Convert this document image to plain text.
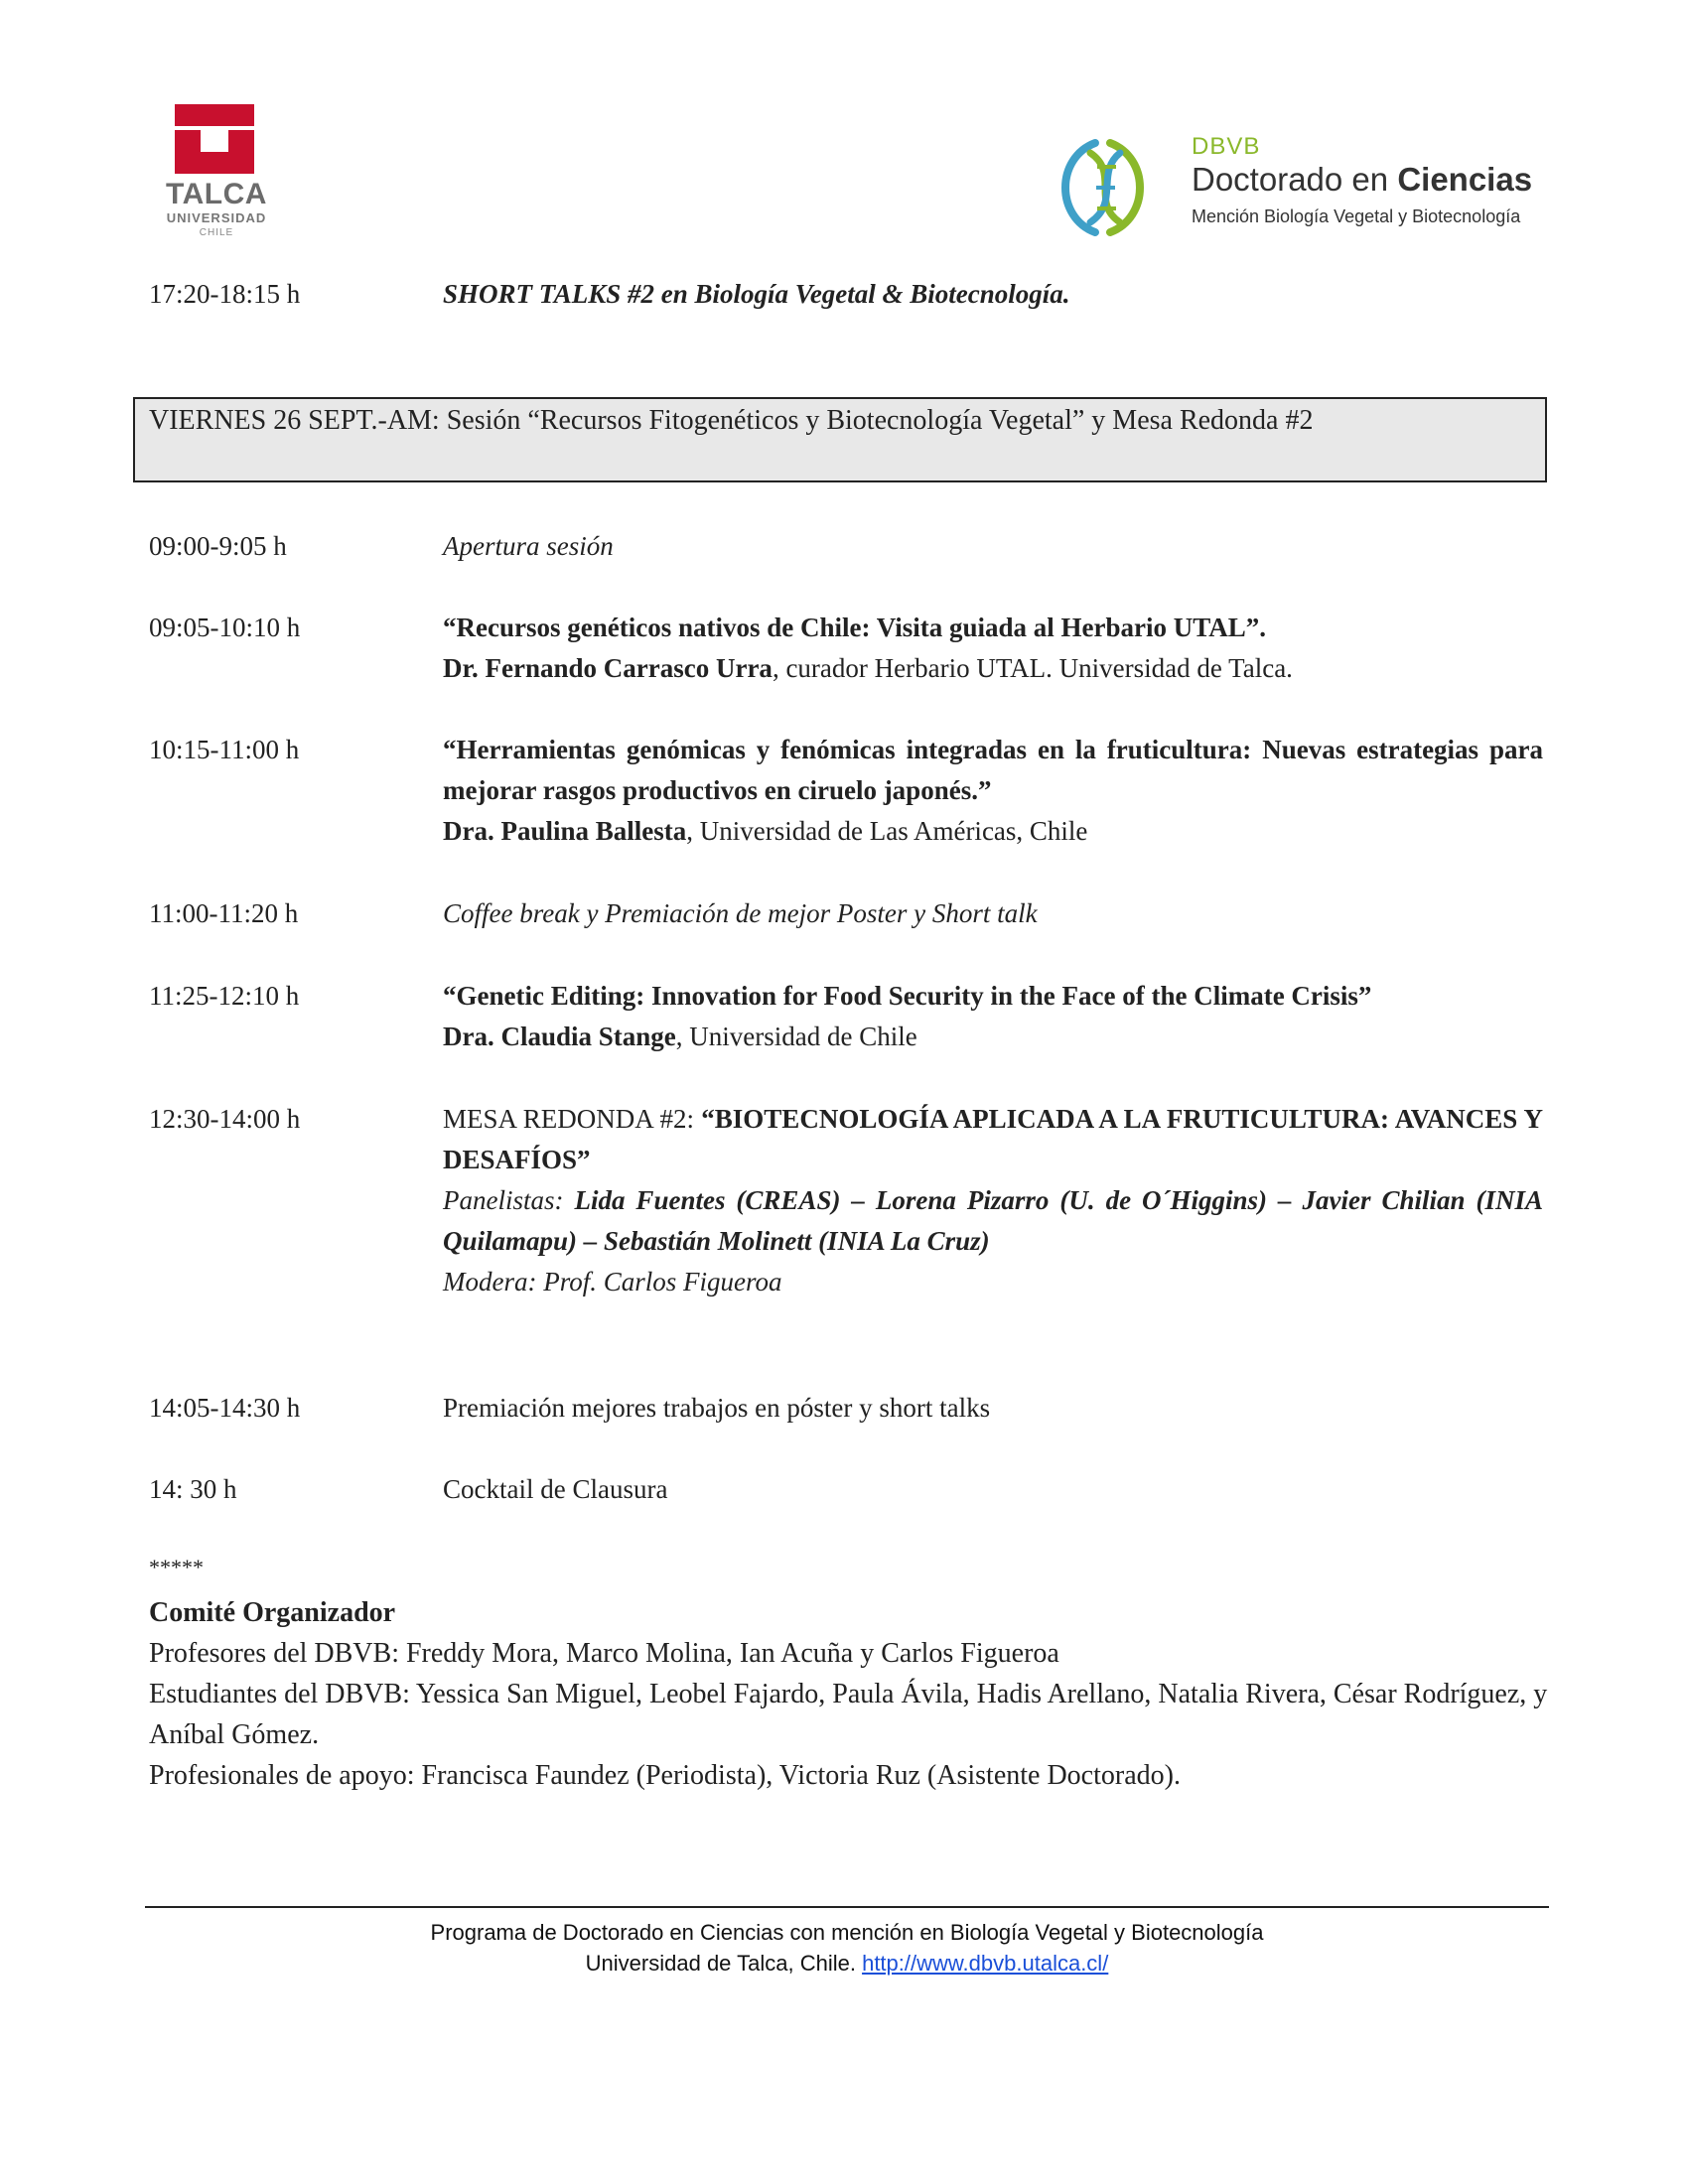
TALCA
UNIVERSIDAD
CHILE
DBVB
Doctorado en Ciencias
Mención Biología Vegetal y Biotecnología
17:20-18:15 h	SHORT TALKS #2 en Biología Vegetal & Biotecnología.
VIERNES 26 SEPT.-AM: Sesión “Recursos Fitogenéticos y Biotecnología Vegetal” y Mesa Redonda #2
09:00-9:05 h	Apertura sesión
09:05-10:10 h	“Recursos genéticos nativos de Chile: Visita guiada al Herbario UTAL”.
Dr. Fernando Carrasco Urra, curador Herbario UTAL. Universidad de Talca.
10:15-11:00 h	“Herramientas genómicas y fenómicas integradas en la fruticultura: Nuevas estrategias para mejorar rasgos productivos en ciruelo japonés.”
Dra. Paulina Ballesta, Universidad de Las Américas, Chile
11:00-11:20 h	Coffee break y Premiación de mejor Poster y Short talk
11:25-12:10 h	“Genetic Editing: Innovation for Food Security in the Face of the Climate Crisis”
Dra. Claudia Stange, Universidad de Chile
12:30-14:00 h	MESA REDONDA #2: “BIOTECNOLOGÍA APLICADA A LA FRUTICULTURA: AVANCES Y DESAFÍOS”
Panelistas: Lida Fuentes (CREAS) – Lorena Pizarro (U. de O´Higgins) – Javier Chilian (INIA Quilamapu) – Sebastián Molinett (INIA La Cruz)
Modera: Prof. Carlos Figueroa
14:05-14:30 h	Premiación mejores trabajos en póster y short talks
14: 30 h	Cocktail de Clausura
*****
Comité Organizador
Profesores del DBVB: Freddy Mora, Marco Molina, Ian Acuña y Carlos Figueroa
Estudiantes del DBVB: Yessica San Miguel, Leobel Fajardo, Paula Ávila, Hadis Arellano, Natalia Rivera, César Rodríguez, y Aníbal Gómez.
Profesionales de apoyo: Francisca Faundez (Periodista), Victoria Ruz (Asistente Doctorado).
Programa de Doctorado en Ciencias con mención en Biología Vegetal y Biotecnología
Universidad de Talca, Chile. http://www.dbvb.utalca.cl/
